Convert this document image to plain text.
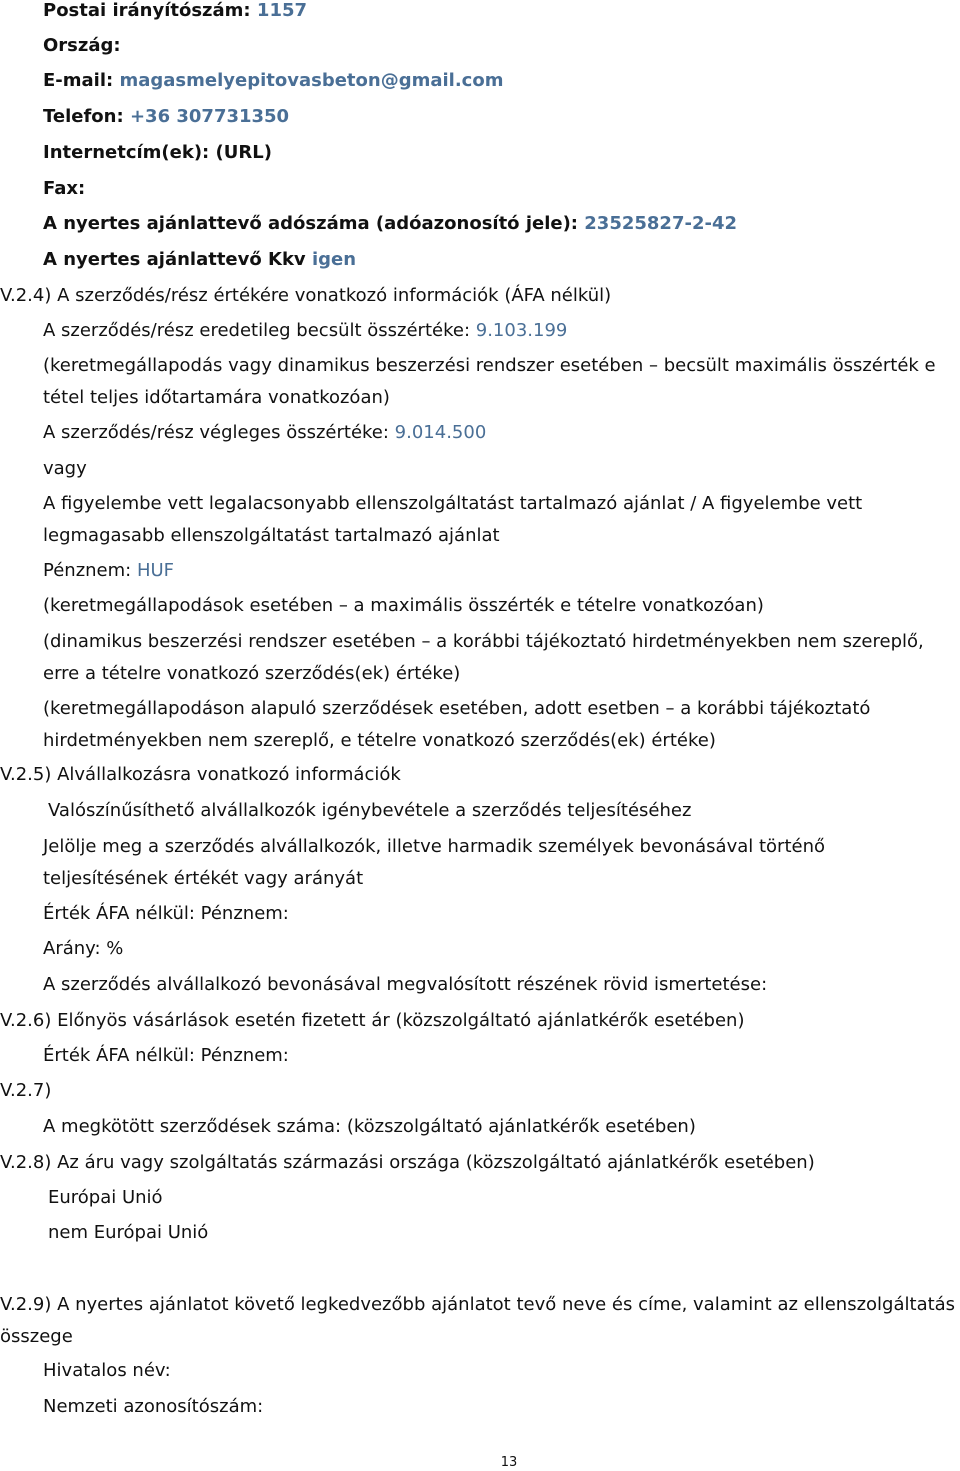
Postai irányítószám: 1157
Ország:
E-mail: magasmelyepitovasbeton@gmail.com
Telefon: +36 307731350
Internetcím(ek): (URL)
Fax:
A nyertes ajánlattevő adószáma (adóazonosító jele): 23525827-2-42
A nyertes ajánlattevő Kkv igen
V.2.4) A szerződés/rész értékére vonatkozó információk (ÁFA nélkül)
A szerződés/rész eredetileg becsült összértéke: 9.103.199
(keretmegállapodás vagy dinamikus beszerzési rendszer esetében – becsült maximális összérték e
tétel teljes időtartamára vonatkozóan)
A szerződés/rész végleges összértéke: 9.014.500
vagy
A figyelembe vett legalacsonyabb ellenszolgáltatást tartalmazó ajánlat / A figyelembe vett
legmagasabb ellenszolgáltatást tartalmazó ajánlat
Pénznem: HUF
(keretmegállapodások esetében – a maximális összérték e tételre vonatkozóan)
(dinamikus beszerzési rendszer esetében – a korábbi tájékoztató hirdetményekben nem szereplő,
erre a tételre vonatkozó szerződés(ek) értéke)
(keretmegállapodáson alapuló szerződések esetében, adott esetben – a korábbi tájékoztató
hirdetményekben nem szereplő, e tételre vonatkozó szerződés(ek) értéke)
V.2.5) Alvállalkozásra vonatkozó információk
Valószínűsíthető alvállalkozók igénybevétele a szerződés teljesítéséhez
Jelölje meg a szerződés alvállalkozók, illetve harmadik személyek bevonásával történő
teljesítésének értékét vagy arányát
Érték ÁFA nélkül: Pénznem:
Arány: %
A szerződés alvállalkozó bevonásával megvalósított részének rövid ismertetése:
V.2.6) Előnyös vásárlások esetén fizetett ár (közszolgáltató ajánlatkérők esetében)
Érték ÁFA nélkül: Pénznem:
V.2.7)
A megkötött szerződések száma: (közszolgáltató ajánlatkérők esetében)
V.2.8) Az áru vagy szolgáltatás származási országa (közszolgáltató ajánlatkérők esetében)
Európai Unió
nem Európai Unió
V.2.9) A nyertes ajánlatot követő legkedvezőbb ajánlatot tevő neve és címe, valamint az ellenszolgáltatás
összege
Hivatalos név:
Nemzeti azonosítószám:
13
